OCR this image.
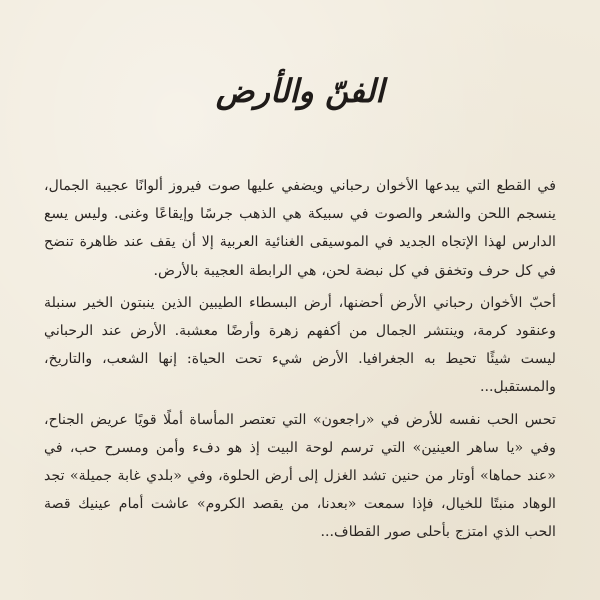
الفنّ والأرض

في القطع التي يبدعها الأخوان رحباني ويضفي عليها صوت فيروز ألوانًا عجيبة الجمال، ينسجم اللحن والشعر والصوت في سبيكة هي الذهب جرسًا وإيقاعًا وغنى. وليس يسع الدارس لهذا الإتجاه الجديد في الموسيقى الغنائية العربية إلا أن يقف عند ظاهرة تنضح في كل حرف وتخفق في كل نبضة لحن، هي الرابطة العجيبة بالأرض.

أحبّ الأخوان رحباني الأرض أحضنها، أرض البسطاء الطيبين الذين ينبتون الخير سنبلة وعنقود كرمة، وينتشر الجمال من أكفهم زهرة وأرضًا معشبة. الأرض عند الرحباني ليست شيئًا تحيط به الجغرافيا. الأرض شيء تحت الحياة: إنها الشعب، والتاريخ، والمستقبل...

تحس الحب نفسه للأرض في «راجعون» التي تعتصر المأساة أملًا قويًا عريض الجناح، وفي «يا ساهر العينين» التي ترسم لوحة البيت إذ هو دفء وأمن ومسرح حب، في «عند حماها» أوتار من حنين تشد الغزل إلى أرض الحلوة، وفي «بلدي غابة جميلة» تجد الوهاد منبتًا للخيال، فإذا سمعت «بعدنا، من يقصد الكروم» عاشت أمام عينيك قصة الحب الذي امتزج بأحلى صور القطاف...
